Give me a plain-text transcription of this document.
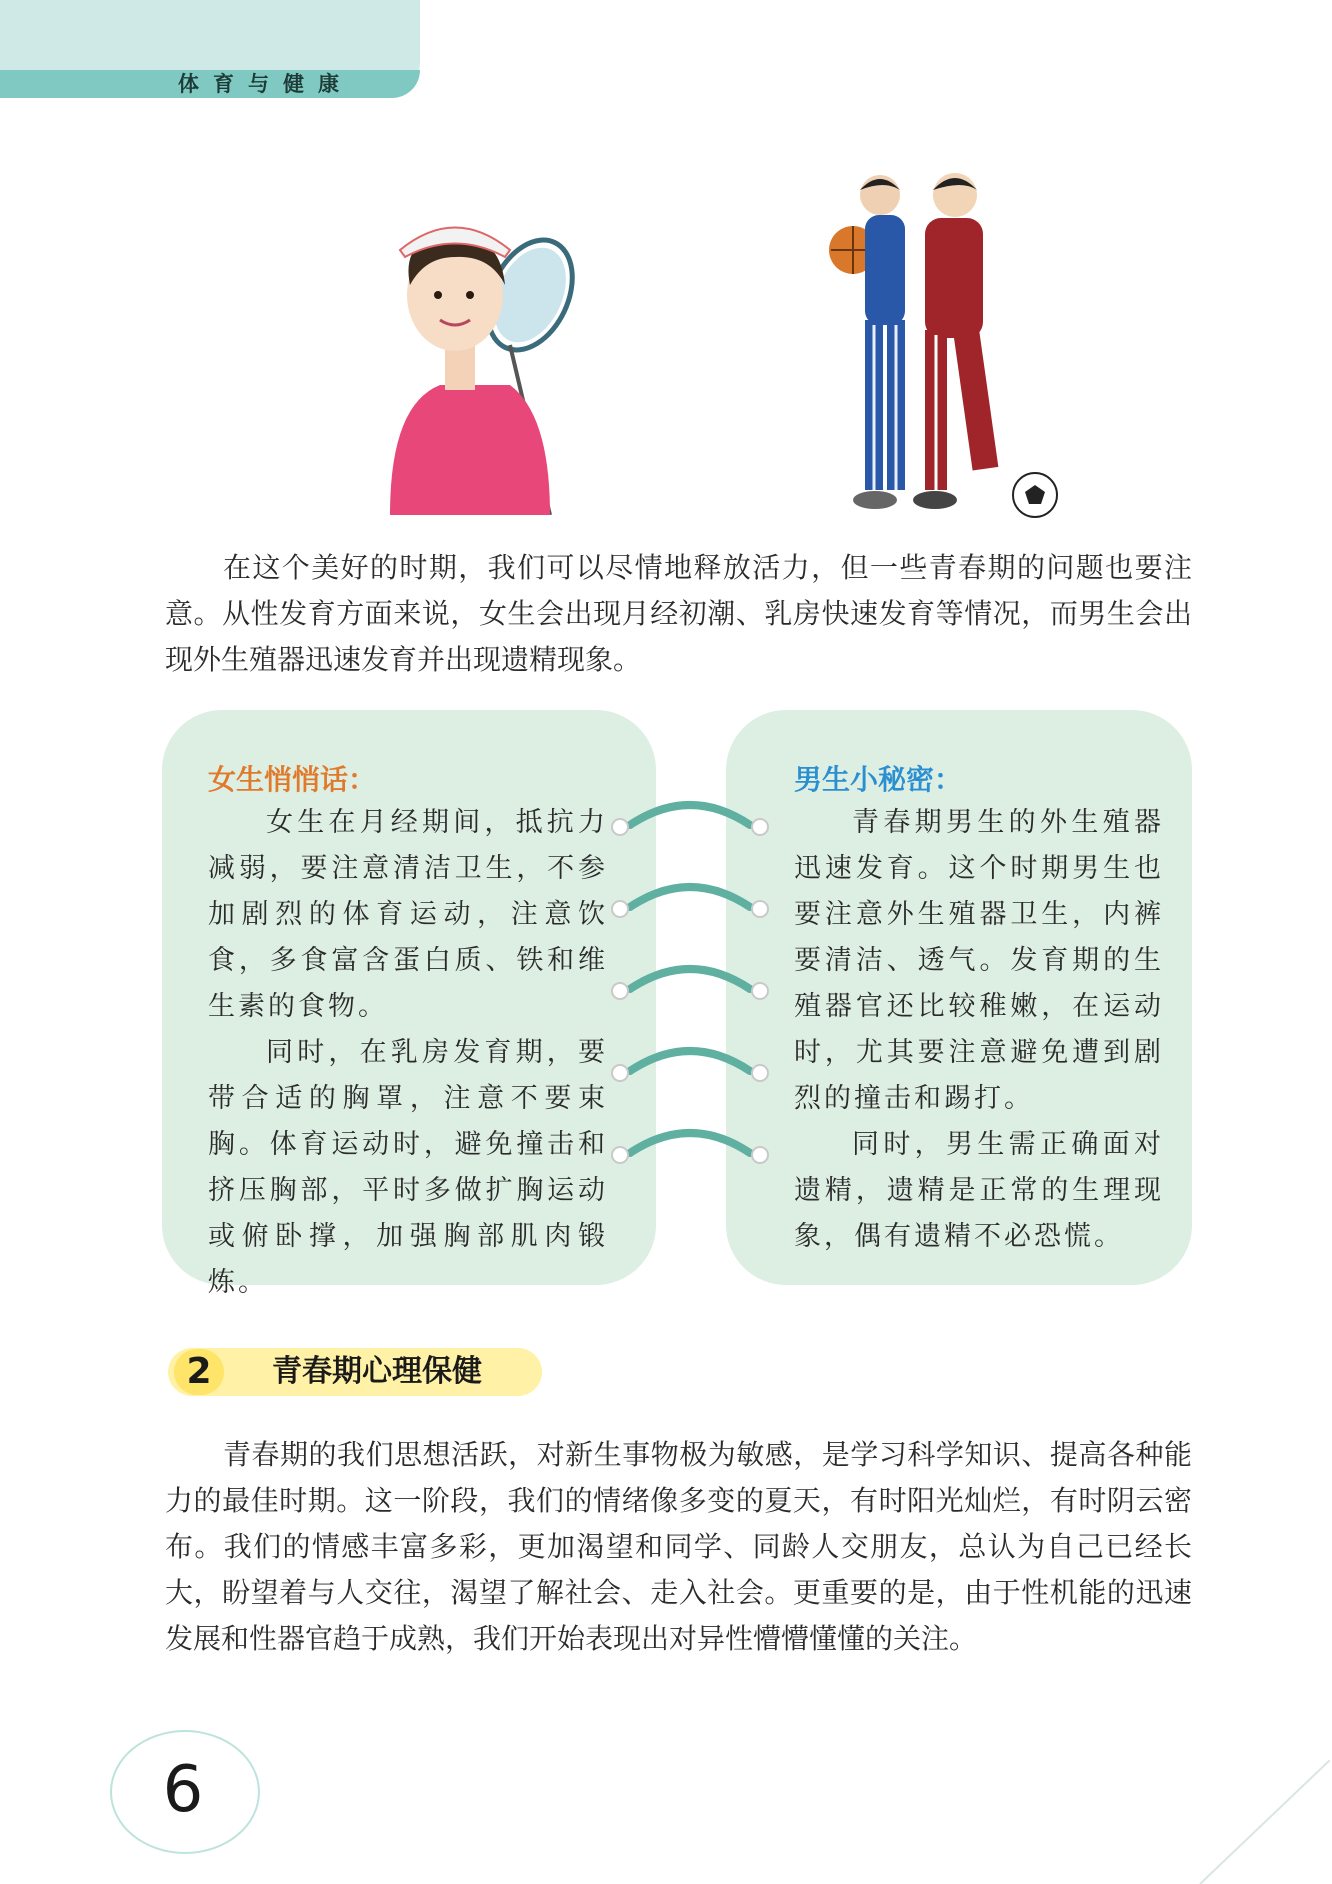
体育与健康

在这个美好的时期，我们可以尽情地释放活力，但一些青春期的问题也要注意。从性发育方面来说，女生会出现月经初潮、乳房快速发育等情况，而男生会出现外生殖器迅速发育并出现遗精现象。

女生悄悄话：

女生在月经期间，抵抗力减弱，要注意清洁卫生，不参加剧烈的体育运动，注意饮食，多食富含蛋白质、铁和维生素的食物。

同时，在乳房发育期，要带合适的胸罩，注意不要束胸。体育运动时，避免撞击和挤压胸部，平时多做扩胸运动或俯卧撑，加强胸部肌肉锻炼。

男生小秘密：

青春期男生的外生殖器迅速发育。这个时期男生也要注意外生殖器卫生，内裤要清洁、透气。发育期的生殖器官还比较稚嫩，在运动时，尤其要注意避免遭到剧烈的撞击和踢打。

同时，男生需正确面对遗精，遗精是正常的生理现象，偶有遗精不必恐慌。

2	青春期心理保健

青春期的我们思想活跃，对新生事物极为敏感，是学习科学知识、提高各种能力的最佳时期。这一阶段，我们的情绪像多变的夏天，有时阳光灿烂，有时阴云密布。我们的情感丰富多彩，更加渴望和同学、同龄人交朋友，总认为自己已经长大，盼望着与人交往，渴望了解社会、走入社会。更重要的是，由于性机能的迅速发展和性器官趋于成熟，我们开始表现出对异性懵懵懂懂的关注。

6
